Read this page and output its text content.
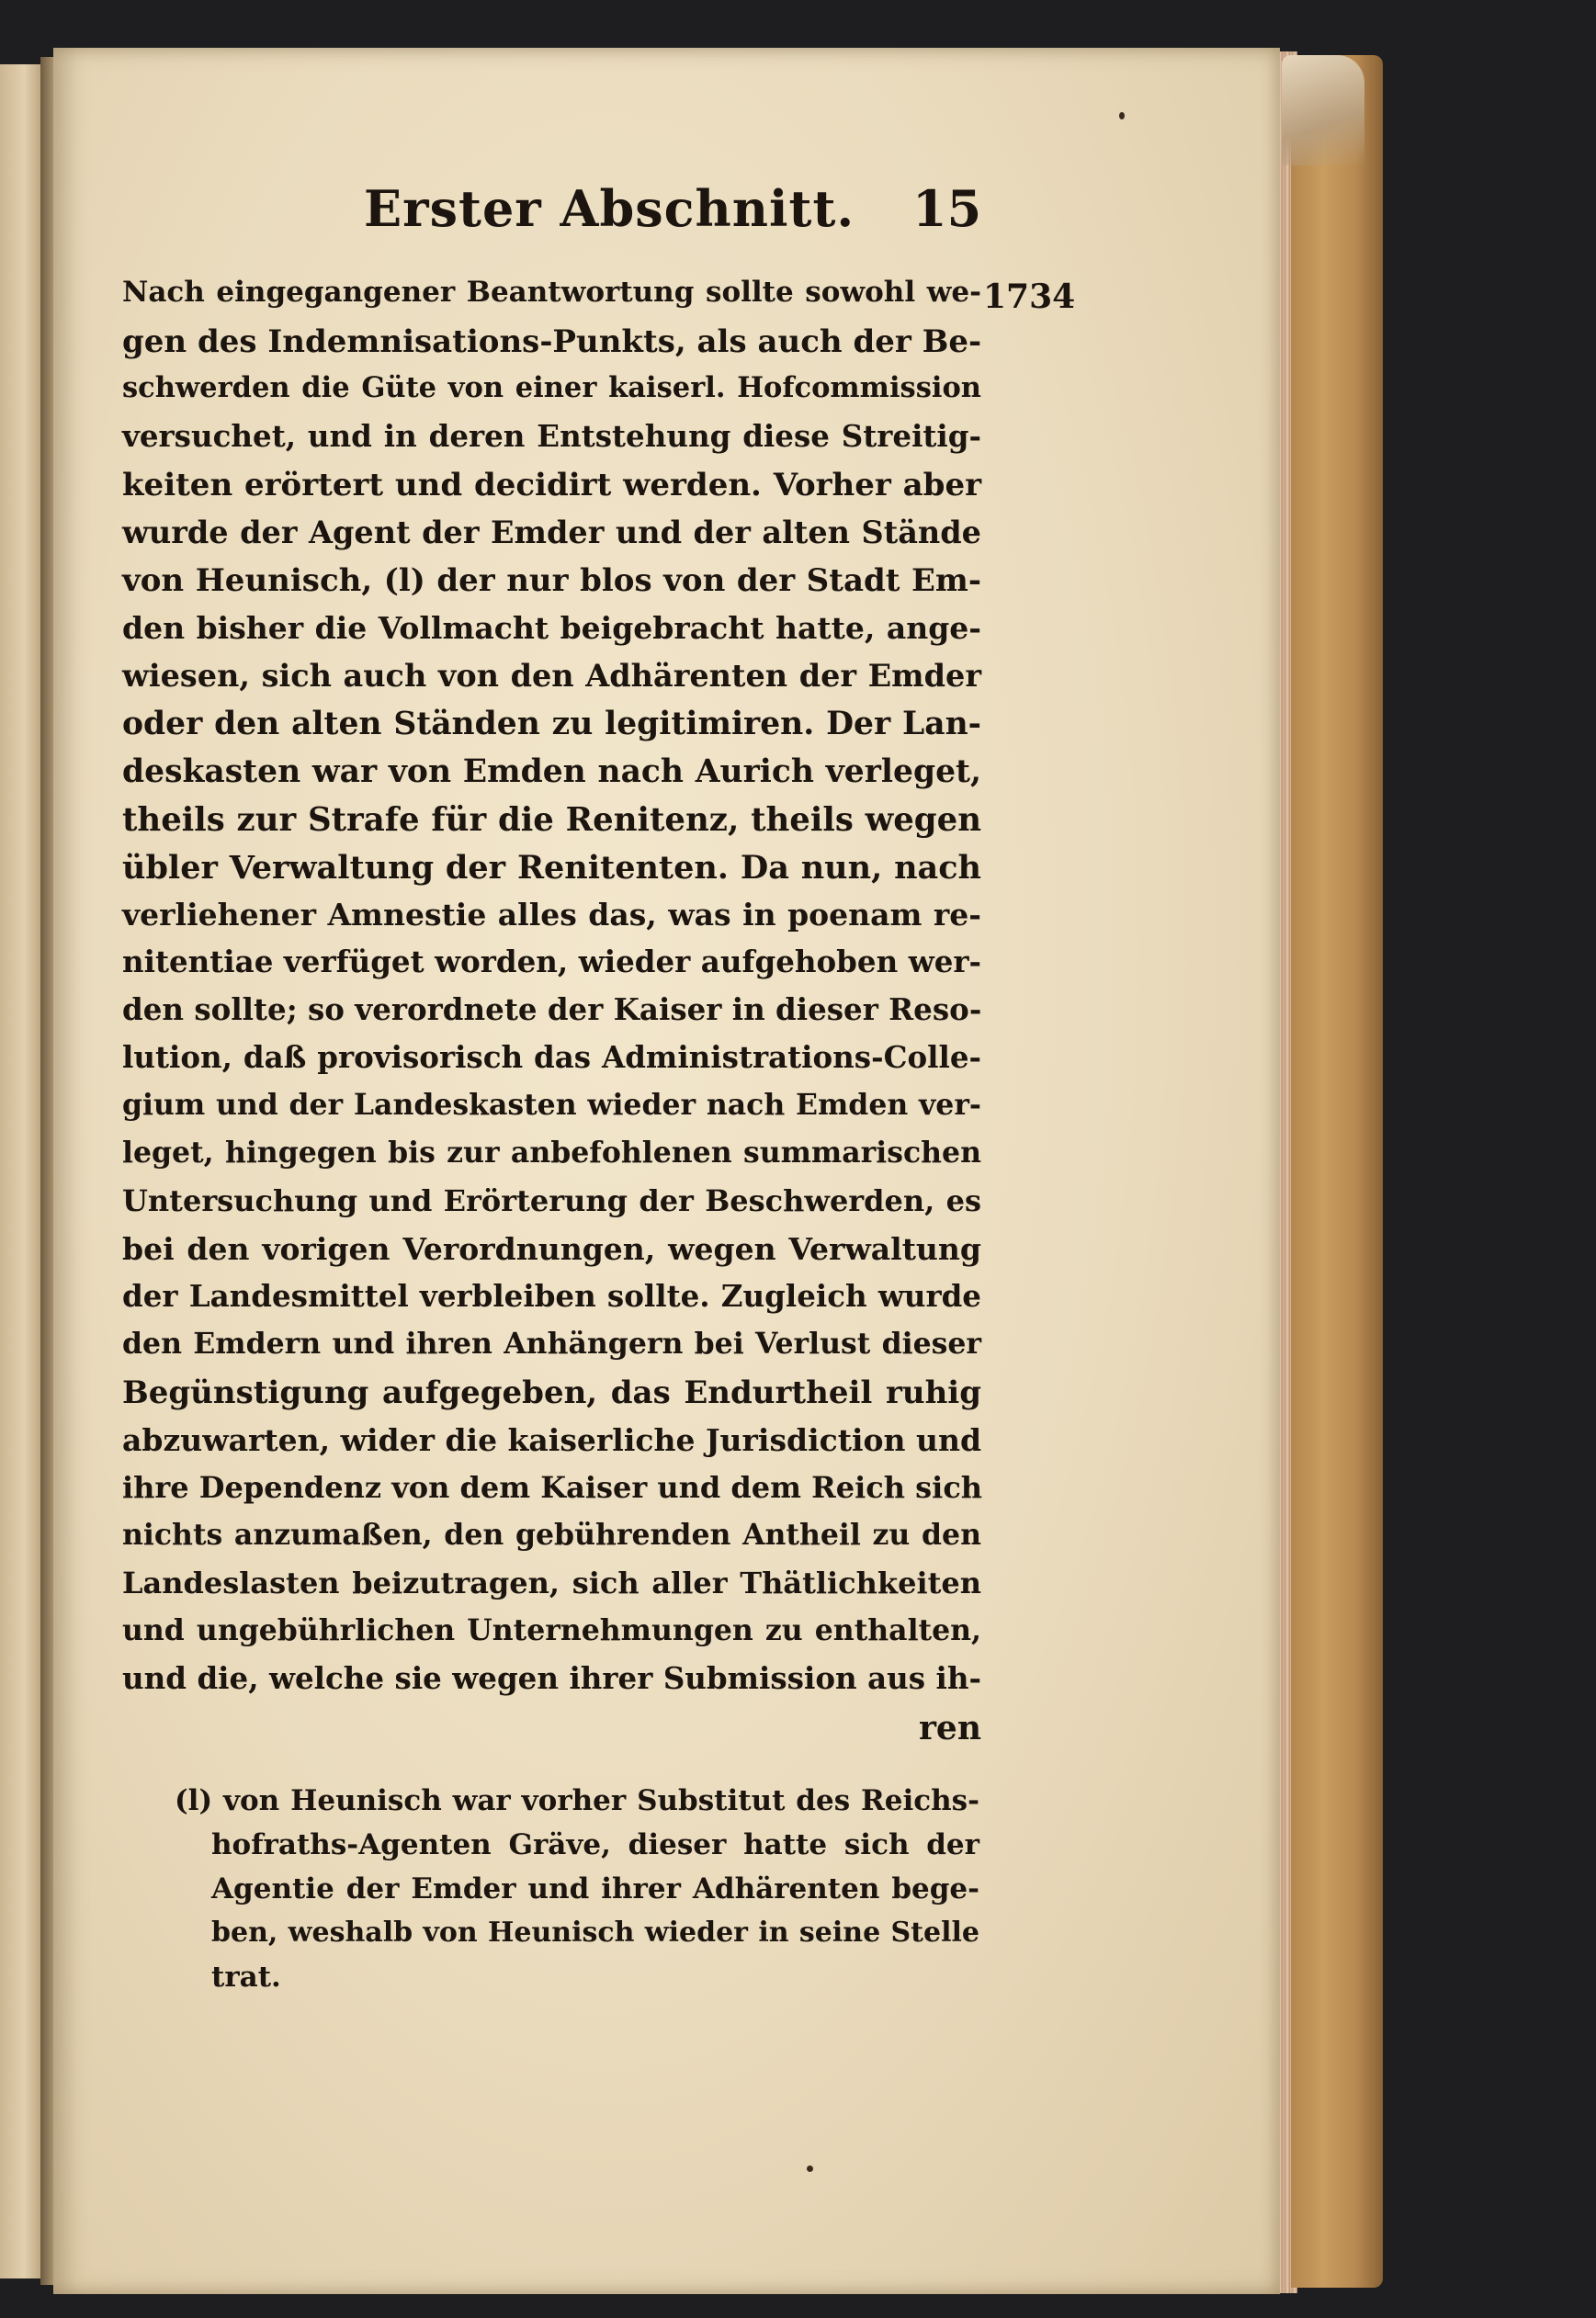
Erster Abschnitt. 15
1734
Nach eingegangener Beantwortung sollte sowohl we-
gen des Indemnisations-Punkts, als auch der Be-
schwerden die Güte von einer kaiserl. Hofcommission
versuchet, und in deren Entstehung diese Streitig-
keiten erörtert und decidirt werden. Vorher aber
wurde der Agent der Emder und der alten Stände
von Heunisch, (l) der nur blos von der Stadt Em-
den bisher die Vollmacht beigebracht hatte, ange-
wiesen, sich auch von den Adhärenten der Emder
oder den alten Ständen zu legitimiren. Der Lan-
deskasten war von Emden nach Aurich verleget,
theils zur Strafe für die Renitenz, theils wegen
übler Verwaltung der Renitenten. Da nun, nach
verliehener Amnestie alles das, was in poenam re-
nitentiae verfüget worden, wieder aufgehoben wer-
den sollte; so verordnete der Kaiser in dieser Reso-
lution, daß provisorisch das Administrations-Colle-
gium und der Landeskasten wieder nach Emden ver-
leget, hingegen bis zur anbefohlenen summarischen
Untersuchung und Erörterung der Beschwerden, es
bei den vorigen Verordnungen, wegen Verwaltung
der Landesmittel verbleiben sollte. Zugleich wurde
den Emdern und ihren Anhängern bei Verlust dieser
Begünstigung aufgegeben, das Endurtheil ruhig
abzuwarten, wider die kaiserliche Jurisdiction und
ihre Dependenz von dem Kaiser und dem Reich sich
nichts anzumaßen, den gebührenden Antheil zu den
Landeslasten beizutragen, sich aller Thätlichkeiten
und ungebührlichen Unternehmungen zu enthalten,
und die, welche sie wegen ihrer Submission aus ih-
ren
(l) von Heunisch war vorher Substitut des Reichs-
hofraths-Agenten Gräve, dieser hatte sich der
Agentie der Emder und ihrer Adhärenten bege-
ben, weshalb von Heunisch wieder in seine Stelle
trat.
